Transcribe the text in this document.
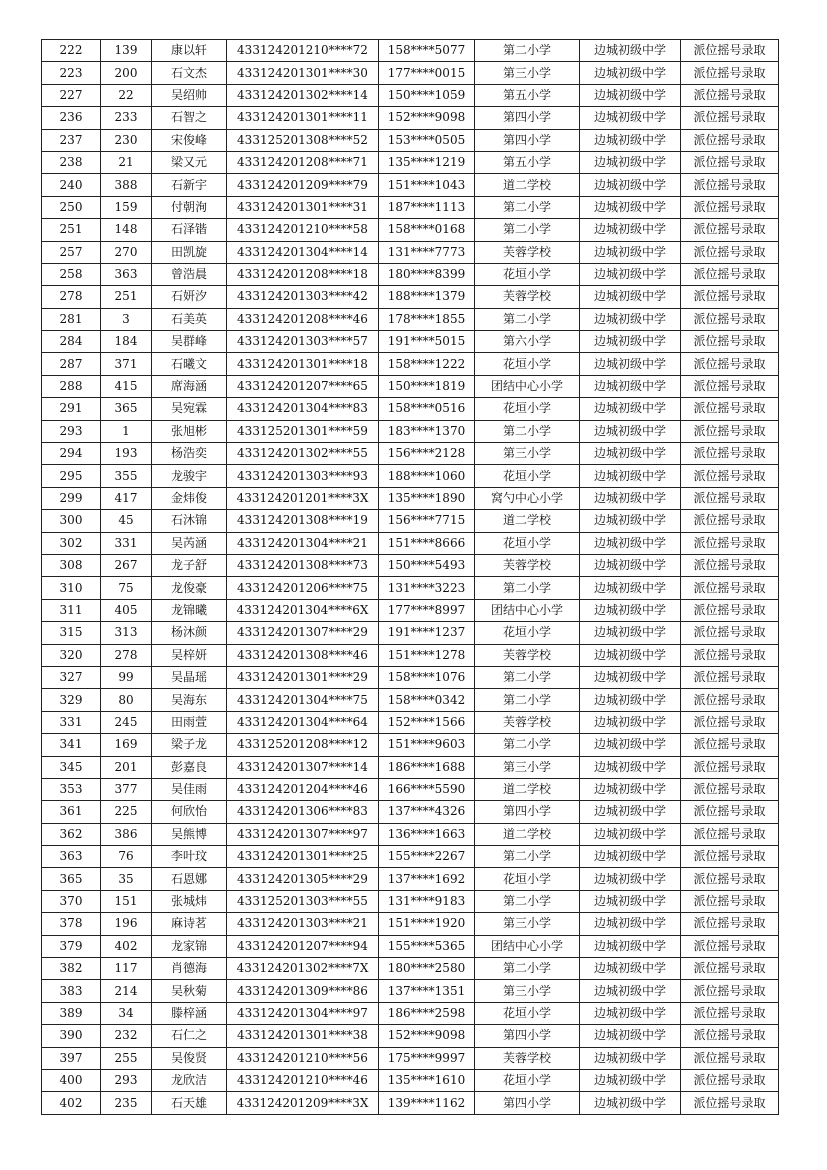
222	139	康以轩	433124201210****72	158****5077	第二小学	边城初级中学	派位摇号录取
223	200	石文杰	433124201301****30	177****0015	第三小学	边城初级中学	派位摇号录取
227	22	吴绍帅	433124201302****14	150****1059	第五小学	边城初级中学	派位摇号录取
236	233	石智之	433124201301****11	152****9098	第四小学	边城初级中学	派位摇号录取
237	230	宋俊峰	433125201308****52	153****0505	第四小学	边城初级中学	派位摇号录取
238	21	梁又元	433124201208****71	135****1219	第五小学	边城初级中学	派位摇号录取
240	388	石新宇	433124201209****79	151****1043	道二学校	边城初级中学	派位摇号录取
250	159	付朝洵	433124201301****31	187****1113	第二小学	边城初级中学	派位摇号录取
251	148	石泽锴	433124201210****58	158****0168	第二小学	边城初级中学	派位摇号录取
257	270	田凯旋	433124201304****14	131****7773	芙蓉学校	边城初级中学	派位摇号录取
258	363	曾浩晨	433124201208****18	180****8399	花垣小学	边城初级中学	派位摇号录取
278	251	石妍汐	433124201303****42	188****1379	芙蓉学校	边城初级中学	派位摇号录取
281	3	石美英	433124201208****46	178****1855	第二小学	边城初级中学	派位摇号录取
284	184	吴群峰	433124201303****57	191****5015	第六小学	边城初级中学	派位摇号录取
287	371	石曦文	433124201301****18	158****1222	花垣小学	边城初级中学	派位摇号录取
288	415	席海涵	433124201207****65	150****1819	团结中心小学	边城初级中学	派位摇号录取
291	365	吴宛霖	433124201304****83	158****0516	花垣小学	边城初级中学	派位摇号录取
293	1	张旭彬	433125201301****59	183****1370	第二小学	边城初级中学	派位摇号录取
294	193	杨浩奕	433124201302****55	156****2128	第三小学	边城初级中学	派位摇号录取
295	355	龙骏宇	433124201303****93	188****1060	花垣小学	边城初级中学	派位摇号录取
299	417	金炜俊	433124201201****3X	135****1890	窝勺中心小学	边城初级中学	派位摇号录取
300	45	石沐锦	433124201308****19	156****7715	道二学校	边城初级中学	派位摇号录取
302	331	吴芮涵	433124201304****21	151****8666	花垣小学	边城初级中学	派位摇号录取
308	267	龙子舒	433124201308****73	150****5493	芙蓉学校	边城初级中学	派位摇号录取
310	75	龙俊豪	433124201206****75	131****3223	第二小学	边城初级中学	派位摇号录取
311	405	龙锦曦	433124201304****6X	177****8997	团结中心小学	边城初级中学	派位摇号录取
315	313	杨沐颜	433124201307****29	191****1237	花垣小学	边城初级中学	派位摇号录取
320	278	吴梓妍	433124201308****46	151****1278	芙蓉学校	边城初级中学	派位摇号录取
327	99	吴晶瑶	433124201301****29	158****1076	第二小学	边城初级中学	派位摇号录取
329	80	吴海东	433124201304****75	158****0342	第二小学	边城初级中学	派位摇号录取
331	245	田雨萱	433124201304****64	152****1566	芙蓉学校	边城初级中学	派位摇号录取
341	169	梁子龙	433125201208****12	151****9603	第二小学	边城初级中学	派位摇号录取
345	201	彭嘉良	433124201307****14	186****1688	第三小学	边城初级中学	派位摇号录取
353	377	吴佳雨	433124201204****46	166****5590	道二学校	边城初级中学	派位摇号录取
361	225	何欣怡	433124201306****83	137****4326	第四小学	边城初级中学	派位摇号录取
362	386	吴熊博	433124201307****97	136****1663	道二学校	边城初级中学	派位摇号录取
363	76	李叶玟	433124201301****25	155****2267	第二小学	边城初级中学	派位摇号录取
365	35	石恩娜	433124201305****29	137****1692	花垣小学	边城初级中学	派位摇号录取
370	151	张城炜	433125201303****55	131****9183	第二小学	边城初级中学	派位摇号录取
378	196	麻诗茗	433124201303****21	151****1920	第三小学	边城初级中学	派位摇号录取
379	402	龙家锦	433124201207****94	155****5365	团结中心小学	边城初级中学	派位摇号录取
382	117	肖德海	433124201302****7X	180****2580	第二小学	边城初级中学	派位摇号录取
383	214	吴秋菊	433124201309****86	137****1351	第三小学	边城初级中学	派位摇号录取
389	34	滕梓涵	433124201304****97	186****2598	花垣小学	边城初级中学	派位摇号录取
390	232	石仁之	433124201301****38	152****9098	第四小学	边城初级中学	派位摇号录取
397	255	吴俊贤	433124201210****56	175****9997	芙蓉学校	边城初级中学	派位摇号录取
400	293	龙欣洁	433124201210****46	135****1610	花垣小学	边城初级中学	派位摇号录取
402	235	石天雄	433124201209****3X	139****1162	第四小学	边城初级中学	派位摇号录取
